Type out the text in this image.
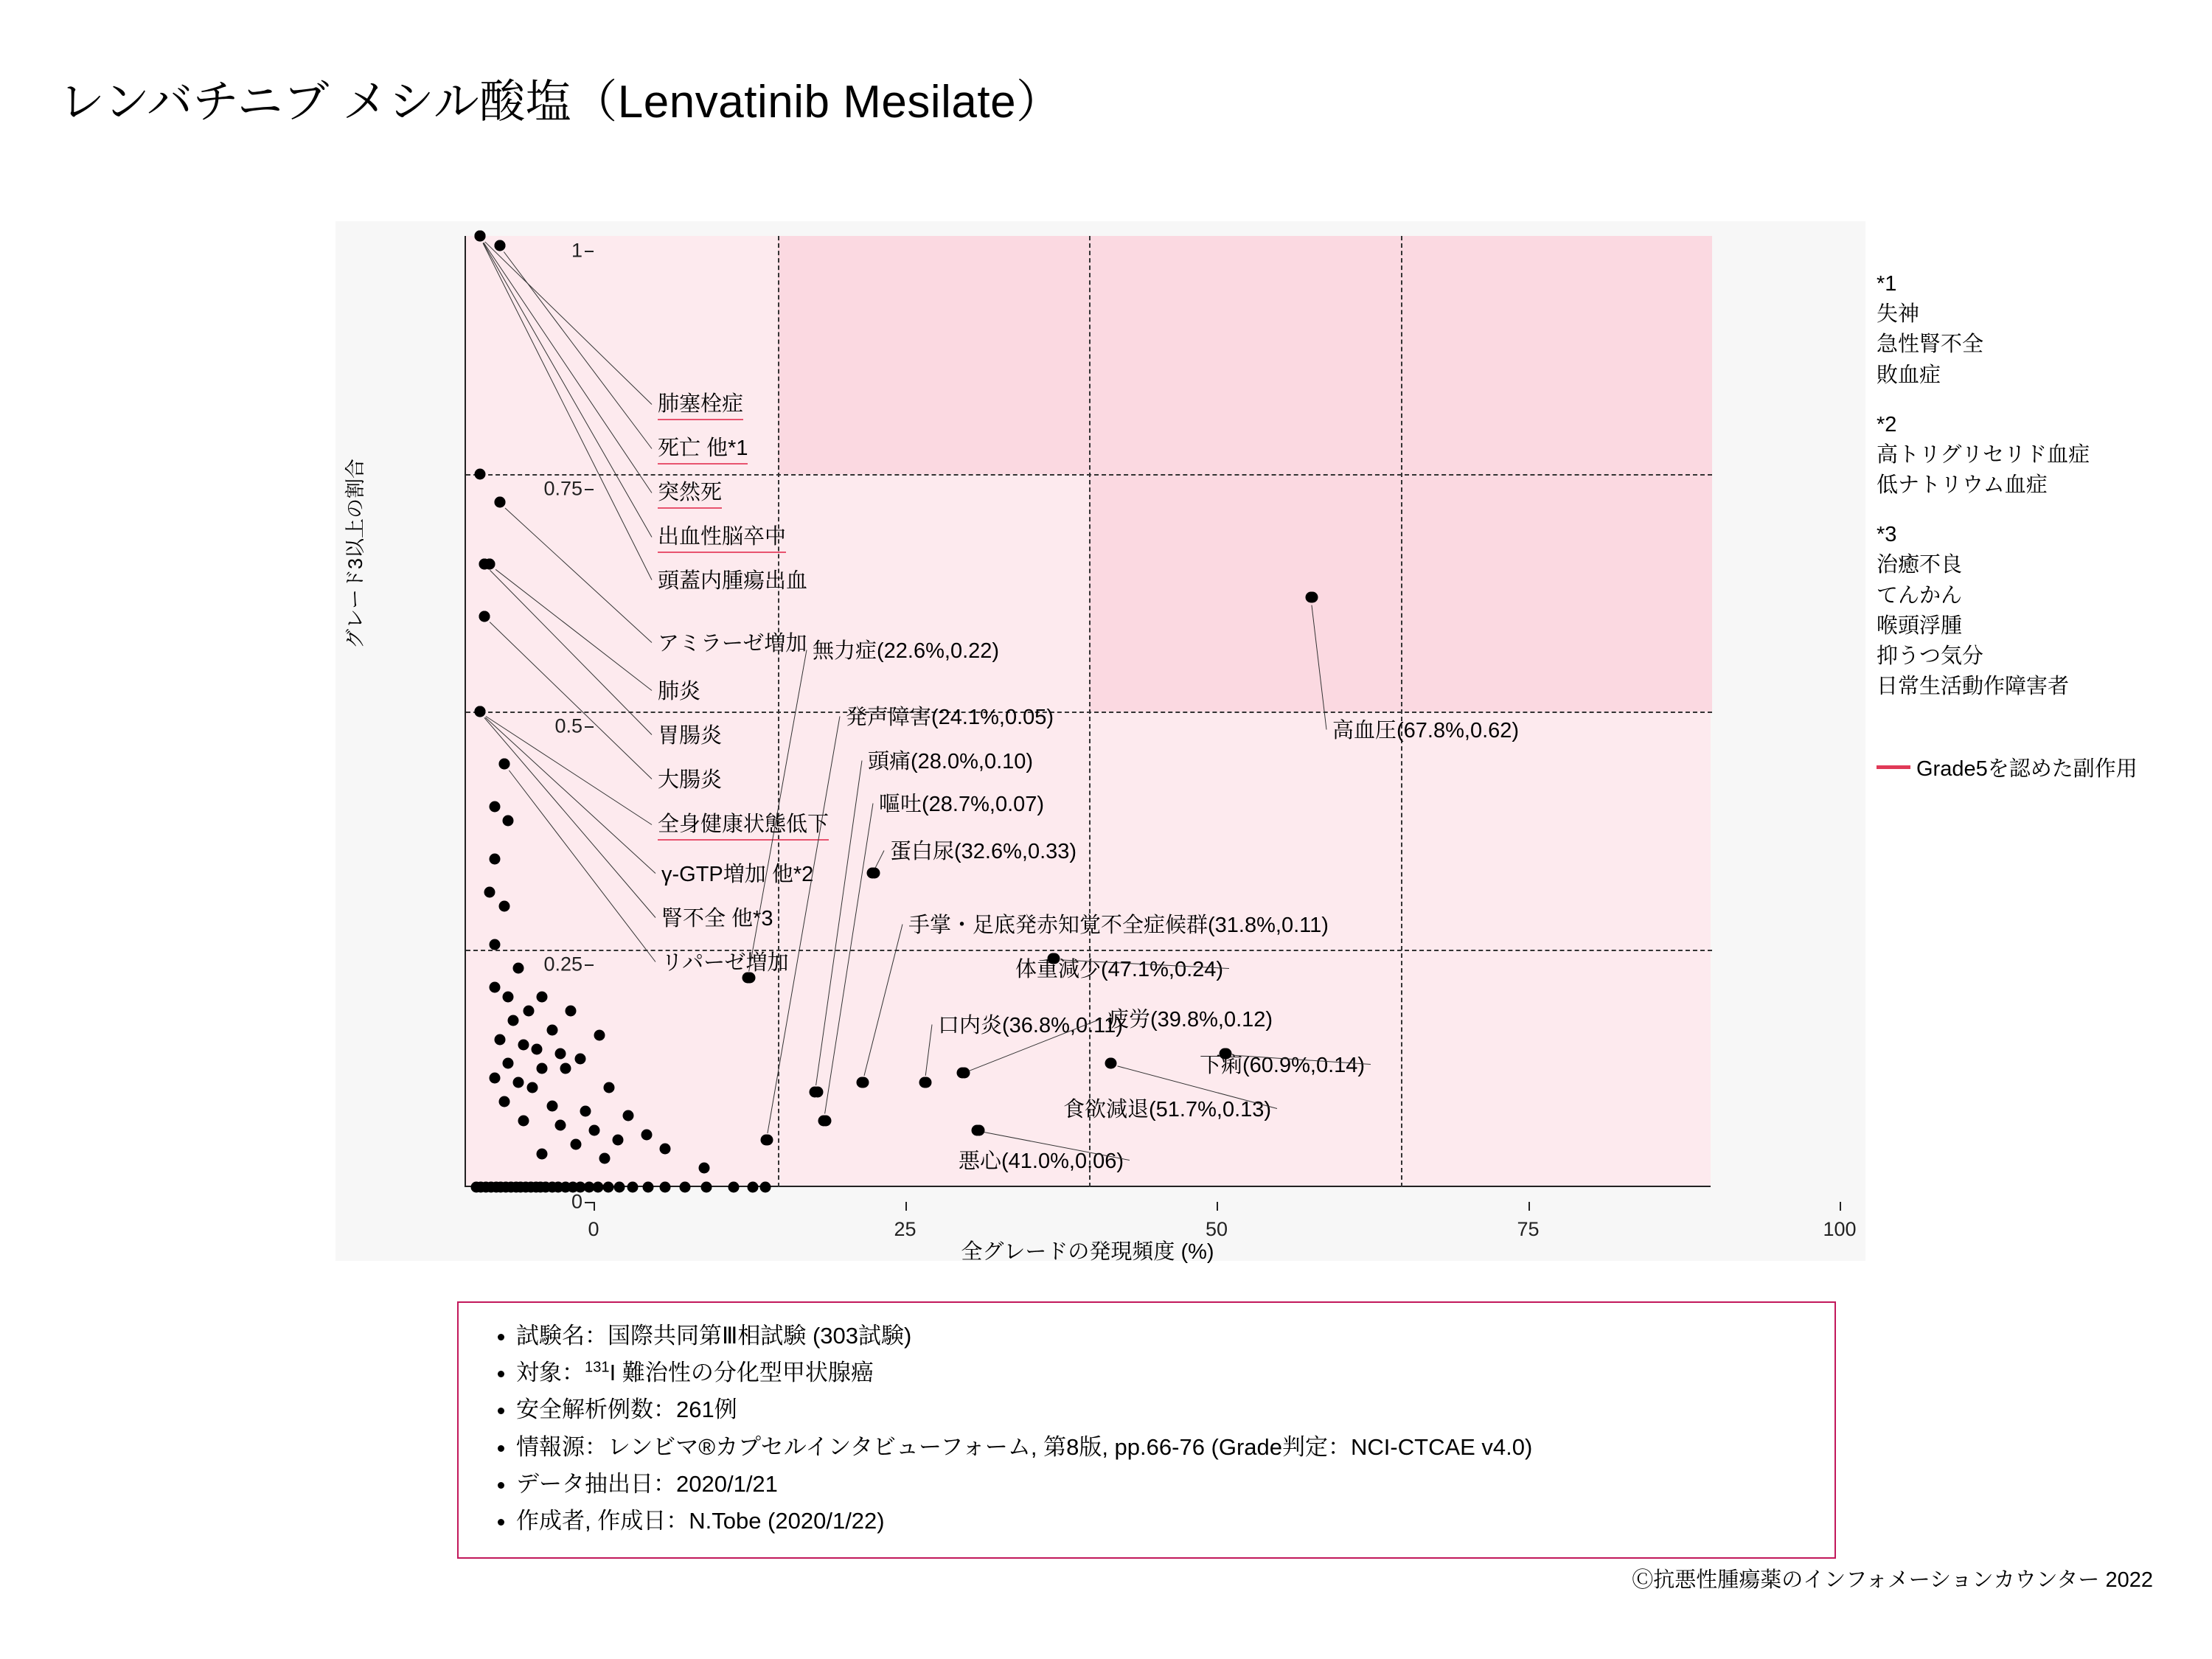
レンバチニブ メシル酸塩（Lenvatinib Mesilate）
肺塞栓症
死亡 他*1
突然死
出血性脳卒中
頭蓋内腫瘍出血
アミラーゼ増加
肺炎
胃腸炎
大腸炎
全身健康状態低下
γ-GTP増加 他*2
腎不全 他*3
リパーゼ増加
無力症(22.6%,0.22)
発声障害(24.1%,0.05)
頭痛(28.0%,0.10)
嘔吐(28.7%,0.07)
蛋白尿(32.6%,0.33)
手掌・足底発赤知覚不全症候群(31.8%,0.11)
体重減少(47.1%,0.24)
口内炎(36.8%,0.11)
疲労(39.8%,0.12)
下痢(60.9%,0.14)
食欲減退(51.7%,0.13)
悪心(41.0%,0.06)
高血圧(67.8%,0.62)
グレード3以上の割合
全グレードの発現頻度 (%)
0	25	50	75	100
0
0.25
0.5
0.75
1
*1
失神
急性腎不全
敗血症
*2
高トリグリセリド血症
低ナトリウム血症
*3
治癒不良
てんかん
喉頭浮腫
抑うつ気分
日常生活動作障害者
Grade5を認めた副作用
• 試験名：国際共同第Ⅲ相試験 (303試験)
• 対象：$^{131}$I 難治性の分化型甲状腺癌
• 安全解析例数：261例
• 情報源：レンビマ®カプセルインタビューフォーム, 第8版, pp.66-76 (Grade判定：NCI-CTCAE v4.0)
• データ抽出日：2020/1/21
• 作成者, 作成日：N.Tobe (2020/1/22)
Ⓒ抗悪性腫瘍薬のインフォメーションカウンター 2022
